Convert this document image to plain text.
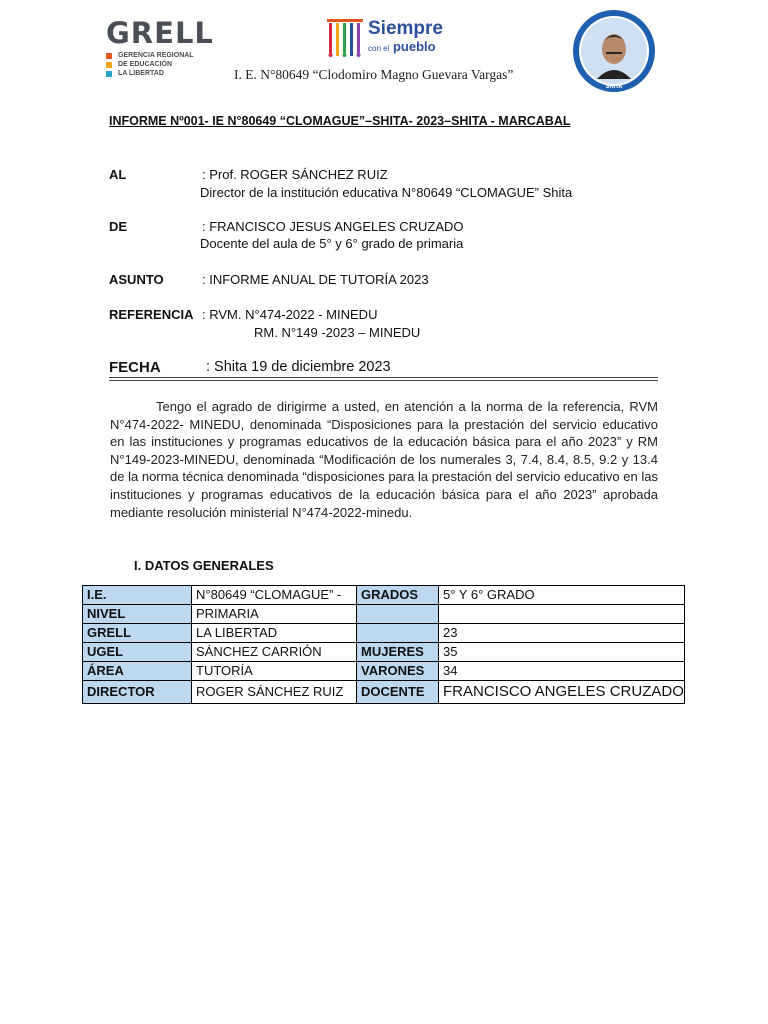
GRELL
GERENCIA REGIONAL
DE EDUCACIÓN
LA LIBERTAD
Siempre
con el pueblo
SHITA
I. E. N°80649 “Clodomiro Magno Guevara Vargas”
INFORME Nº001- IE N°80649 “CLOMAGUE”–SHITA- 2023–SHITA - MARCABAL
AL	: Prof. ROGER SÁNCHEZ RUIZ
Director de la institución educativa N°80649 “CLOMAGUE” Shita
DE	: FRANCISCO JESUS ANGELES CRUZADO
Docente del aula de 5° y 6° grado de primaria
ASUNTO	: INFORME ANUAL DE TUTORÍA 2023
REFERENCIA : RVM. N°474-2022 - MINEDU
RM. N°149 -2023 – MINEDU
FECHA	: Shita 19 de diciembre 2023
Tengo el agrado de dirigirme a usted, en atención a la norma de la referencia, RVM N°474-2022- MINEDU, denominada “Disposiciones para la prestación del servicio educativo en las instituciones y programas educativos de la educación básica para el año 2023” y RM N°149-2023-MINEDU, denominada “Modificación de los numerales 3, 7.4, 8.4, 8.5, 9.2 y 13.4 de la norma técnica denominada “disposiciones para la prestación del servicio educativo en las instituciones y programas educativos de la educación básica para el año 2023” aprobada mediante resolución ministerial N°474-2022-minedu.
I. DATOS GENERALES
I.E.	N°80649 “CLOMAGUE” -	GRADOS	5° Y 6° GRADO
NIVEL	PRIMARIA		
GRELL	LA LIBERTAD		23
UGEL	SÁNCHEZ CARRIÓN	MUJERES	35
ÁREA	TUTORÍA	VARONES	34
DIRECTOR	ROGER SÁNCHEZ RUIZ	DOCENTE	FRANCISCO ANGELES CRUZADO
